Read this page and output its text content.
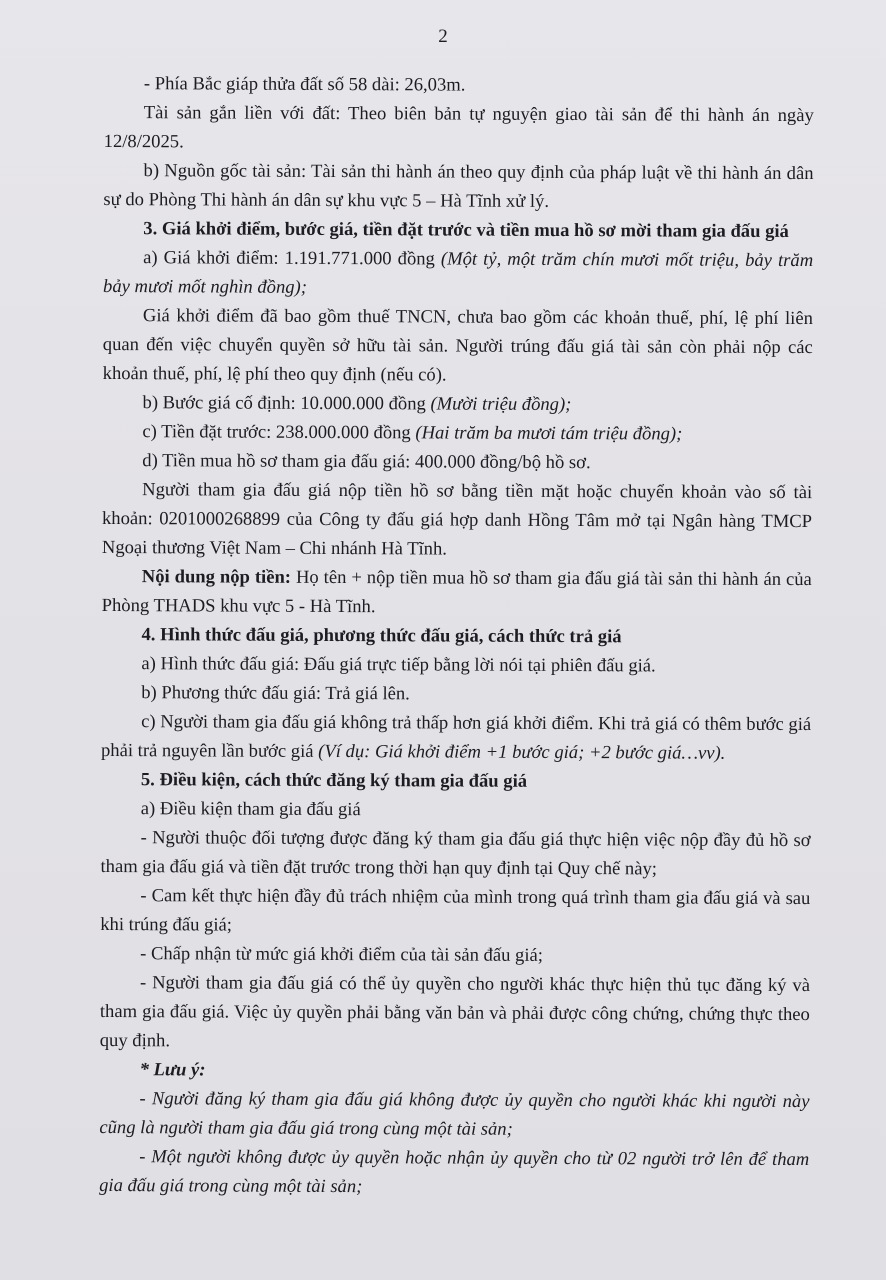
2

- Phía Bắc giáp thửa đất số 58 dài: 26,03m.

Tài sản gắn liền với đất: Theo biên bản tự nguyện giao tài sản để thi hành án ngày 12/8/2025.

b) Nguồn gốc tài sản: Tài sản thi hành án theo quy định của pháp luật về thi hành án dân sự do Phòng Thi hành án dân sự khu vực 5 – Hà Tĩnh xử lý.

3. Giá khởi điểm, bước giá, tiền đặt trước và tiền mua hồ sơ mời tham gia đấu giá

a) Giá khởi điểm: 1.191.771.000 đồng (Một tỷ, một trăm chín mươi mốt triệu, bảy trăm bảy mươi mốt nghìn đồng);

Giá khởi điểm đã bao gồm thuế TNCN, chưa bao gồm các khoản thuế, phí, lệ phí liên quan đến việc chuyển quyền sở hữu tài sản. Người trúng đấu giá tài sản còn phải nộp các khoản thuế, phí, lệ phí theo quy định (nếu có).

b) Bước giá cố định: 10.000.000 đồng (Mười triệu đồng);

c) Tiền đặt trước: 238.000.000 đồng (Hai trăm ba mươi tám triệu đồng);

d) Tiền mua hồ sơ tham gia đấu giá: 400.000 đồng/bộ hồ sơ.

Người tham gia đấu giá nộp tiền hồ sơ bằng tiền mặt hoặc chuyển khoản vào số tài khoản: 0201000268899 của Công ty đấu giá hợp danh Hồng Tâm mở tại Ngân hàng TMCP Ngoại thương Việt Nam – Chi nhánh Hà Tĩnh.

Nội dung nộp tiền: Họ tên + nộp tiền mua hồ sơ tham gia đấu giá tài sản thi hành án của Phòng THADS khu vực 5 - Hà Tĩnh.

4. Hình thức đấu giá, phương thức đấu giá, cách thức trả giá

a) Hình thức đấu giá: Đấu giá trực tiếp bằng lời nói tại phiên đấu giá.

b) Phương thức đấu giá: Trả giá lên.

c) Người tham gia đấu giá không trả thấp hơn giá khởi điểm. Khi trả giá có thêm bước giá phải trả nguyên lần bước giá (Ví dụ: Giá khởi điểm +1 bước giá; +2 bước giá…vv).

5. Điều kiện, cách thức đăng ký tham gia đấu giá

a) Điều kiện tham gia đấu giá

- Người thuộc đối tượng được đăng ký tham gia đấu giá thực hiện việc nộp đầy đủ hồ sơ tham gia đấu giá và tiền đặt trước trong thời hạn quy định tại Quy chế này;

- Cam kết thực hiện đầy đủ trách nhiệm của mình trong quá trình tham gia đấu giá và sau khi trúng đấu giá;

- Chấp nhận từ mức giá khởi điểm của tài sản đấu giá;

- Người tham gia đấu giá có thể ủy quyền cho người khác thực hiện thủ tục đăng ký và tham gia đấu giá. Việc ủy quyền phải bằng văn bản và phải được công chứng, chứng thực theo quy định.

* Lưu ý:

- Người đăng ký tham gia đấu giá không được ủy quyền cho người khác khi người này cũng là người tham gia đấu giá trong cùng một tài sản;

- Một người không được ủy quyền hoặc nhận ủy quyền cho từ 02 người trở lên để tham gia đấu giá trong cùng một tài sản;
